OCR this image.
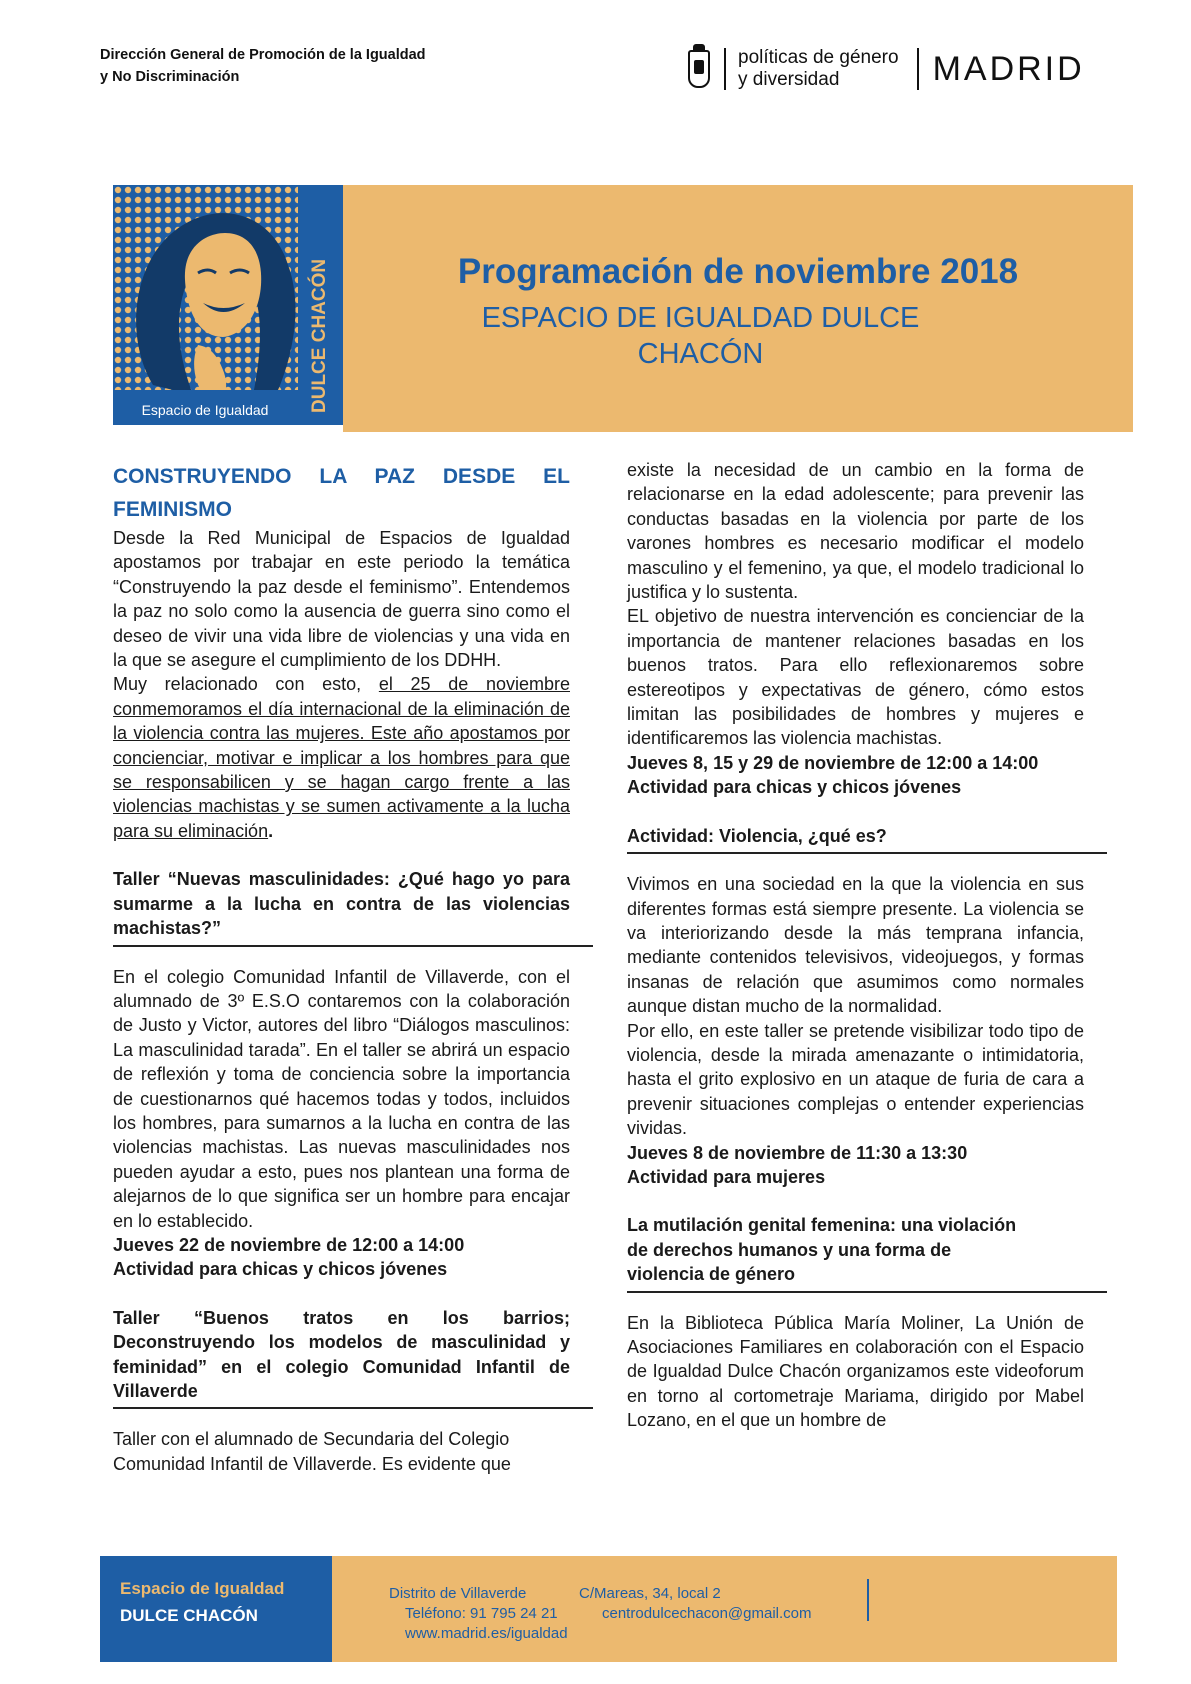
Dirección General de Promoción de la Igualdad
y No Discriminación
políticas de género
y diversidad	MADRID
Espacio de Igualdad DULCE CHACÓN	Programación de noviembre 2018
ESPACIO DE IGUALDAD DULCE
CHACÓN

CONSTRUYENDO LA PAZ DESDE EL
FEMINISMO

Desde la Red Municipal de Espacios de Igualdad apostamos por trabajar en este periodo la temática “Construyendo la paz desde el feminismo”. Entendemos la paz no solo como la ausencia de guerra sino como el deseo de vivir una vida libre de violencias y una vida en la que se asegure el cumplimiento de los DDHH.

Muy relacionado con esto, el 25 de noviembre conmemoramos el día internacional de la eliminación de la violencia contra las mujeres. Este año apostamos por concienciar, motivar e implicar a los hombres para que se responsabilicen y se hagan cargo frente a las violencias machistas y se sumen activamente a la lucha para su eliminación.

Taller “Nuevas masculinidades: ¿Qué hago yo para sumarme a la lucha en contra de las violencias machistas?”

En el colegio Comunidad Infantil de Villaverde, con el alumnado de 3º E.S.O contaremos con la colaboración de Justo y Victor, autores del libro “Diálogos masculinos: La masculinidad tarada”. En el taller se abrirá un espacio de reflexión y toma de conciencia sobre la importancia de cuestionarnos qué hacemos todas y todos, incluidos los hombres, para sumarnos a la lucha en contra de las violencias machistas. Las nuevas masculinidades nos pueden ayudar a esto, pues nos plantean una forma de alejarnos de lo que significa ser un hombre para encajar en lo establecido.

Jueves 22 de noviembre de 12:00 a 14:00

Actividad para chicas y chicos jóvenes

Taller “Buenos tratos en los barrios; Deconstruyendo los modelos de masculinidad y feminidad” en el colegio Comunidad Infantil de Villaverde

Taller con el alumnado de Secundaria del Colegio Comunidad Infantil de Villaverde. Es evidente que

existe la necesidad de un cambio en la forma de relacionarse en la edad adolescente; para prevenir las conductas basadas en la violencia por parte de los varones hombres es necesario modificar el modelo masculino y el femenino, ya que, el modelo tradicional lo justifica y lo sustenta.

EL objetivo de nuestra intervención es concienciar de la importancia de mantener relaciones basadas en los buenos tratos. Para ello reflexionaremos sobre estereotipos y expectativas de género, cómo estos limitan las posibilidades de hombres y mujeres e identificaremos las violencia machistas.

Jueves 8, 15 y 29 de noviembre de 12:00 a 14:00

Actividad para chicas y chicos jóvenes

Actividad: Violencia, ¿qué es?

Vivimos en una sociedad en la que la violencia en sus diferentes formas está siempre presente. La violencia se va interiorizando desde la más temprana infancia, mediante contenidos televisivos, videojuegos, y formas insanas de relación que asumimos como normales aunque distan mucho de la normalidad.

Por ello, en este taller se pretende visibilizar todo tipo de violencia, desde la mirada amenazante o intimidatoria, hasta el grito explosivo en un ataque de furia de cara a prevenir situaciones complejas o entender experiencias vividas.

Jueves 8 de noviembre de 11:30 a 13:30

Actividad para mujeres

La mutilación genital femenina: una violación
de derechos humanos y una forma de
violencia de género

En la Biblioteca Pública María Moliner, La Unión de Asociaciones Familiares en colaboración con el Espacio de Igualdad Dulce Chacón organizamos este videoforum en torno al cortometraje Mariama, dirigido por Mabel Lozano, en el que un hombre de

Espacio de Igualdad
DULCE CHACÓN
Distrito de Villaverde	C/Mareas, 34, local 2
Teléfono: 91 795 24 21	centrodulcechacon@gmail.com
www.madrid.es/igualdad
